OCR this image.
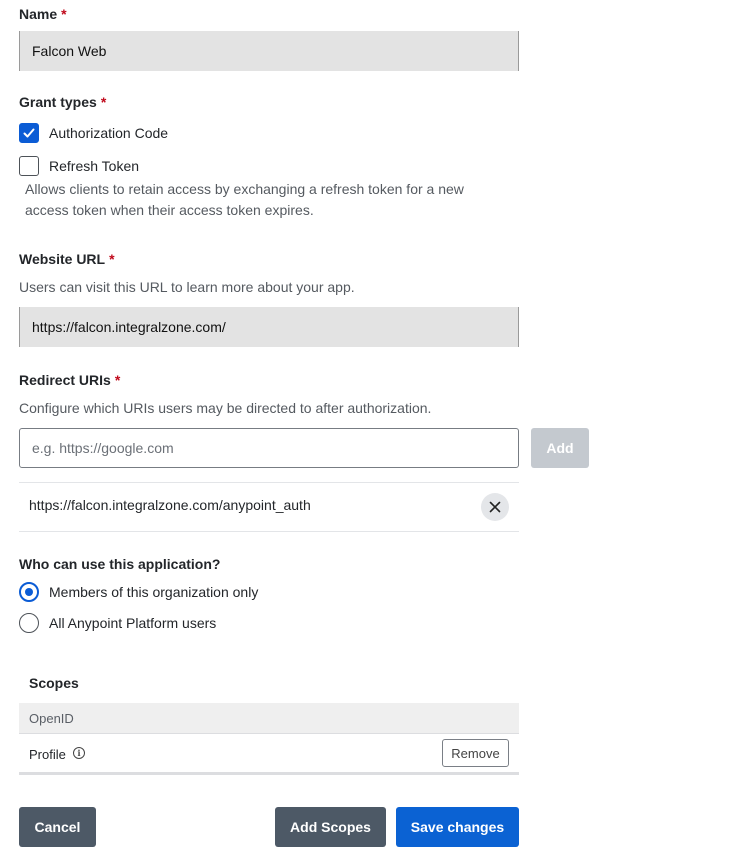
Name *
Falcon Web
Grant types *
Authorization Code
Refresh Token
Allows clients to retain access by exchanging a refresh token for a new
access token when their access token expires.
Website URL *
Users can visit this URL to learn more about your app.
https://falcon.integralzone.com/
Redirect URIs *
Configure which URIs users may be directed to after authorization.
e.g. https://google.com	Add
https://falcon.integralzone.com/anypoint_auth
Who can use this application?
Members of this organization only
All Anypoint Platform users
Scopes
OpenID
Profile	i	Remove
Cancel	Add Scopes	Save changes
